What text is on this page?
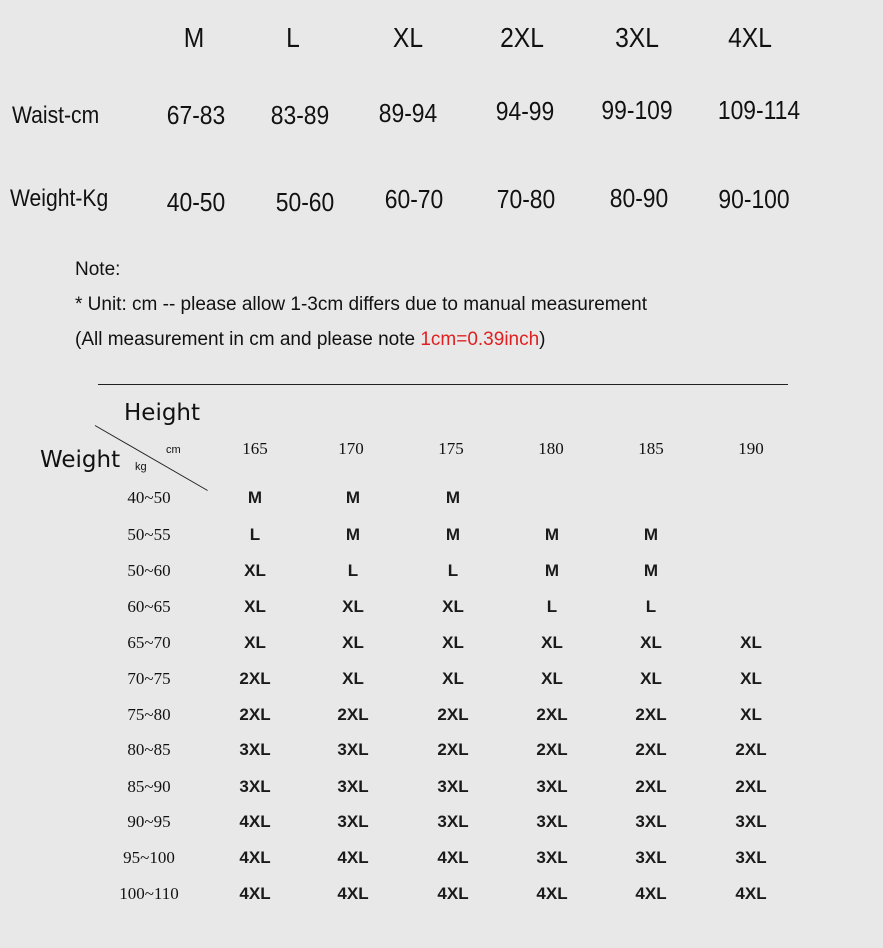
M	L	XL	2XL	3XL	4XL
Waist-cm	67-83	83-89	89-94	94-99	99-109	109-114
Weight-Kg	40-50	50-60	60-70	70-80	80-90	90-100
Note:
* Unit: cm -- please allow 1-3cm differs due to manual measurement
(All measurement in cm and please note 1cm=0.39inch)
Height
cm
Weight kg
165	170	175	180	185	190
40~50	M	M	M
50~55	L	M	M	M	M
50~60	XL	L	L	M	M
60~65	XL	XL	XL	L	L
65~70	XL	XL	XL	XL	XL	XL
70~75	2XL	XL	XL	XL	XL	XL
75~80	2XL	2XL	2XL	2XL	2XL	XL
80~85	3XL	3XL	2XL	2XL	2XL	2XL
85~90	3XL	3XL	3XL	3XL	2XL	2XL
90~95	4XL	3XL	3XL	3XL	3XL	3XL
95~100	4XL	4XL	4XL	3XL	3XL	3XL
100~110	4XL	4XL	4XL	4XL	4XL	4XL
